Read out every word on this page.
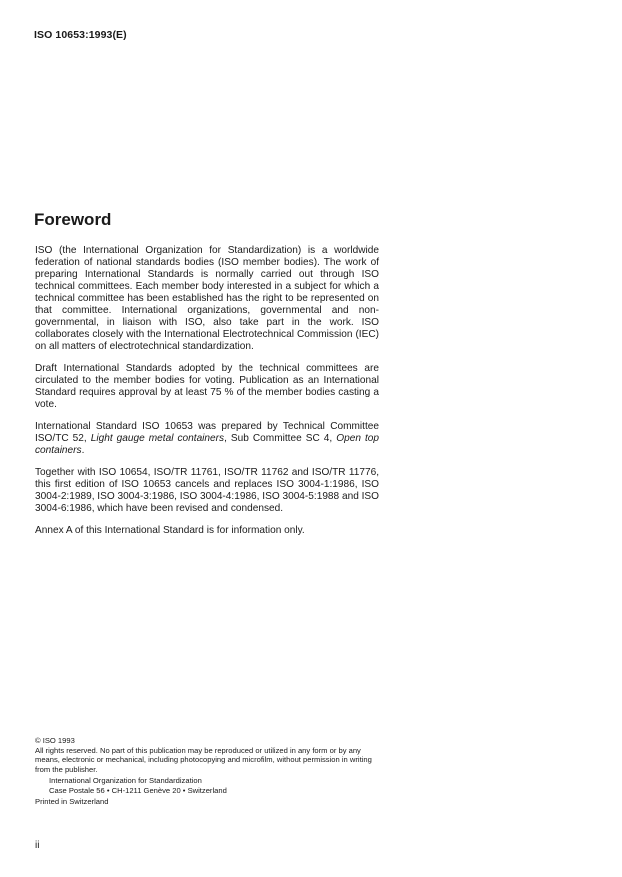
ISO 10653:1993(E)
Foreword

ISO (the International Organization for Standardization) is a worldwide federation of national standards bodies (ISO member bodies). The work of preparing International Standards is normally carried out through ISO technical committees. Each member body interested in a subject for which a technical committee has been established has the right to be represented on that committee. International organizations, governmental and non-governmental, in liaison with ISO, also take part in the work. ISO collaborates closely with the International Electrotechnical Commission (IEC) on all matters of electrotechnical standardization.

Draft International Standards adopted by the technical committees are circulated to the member bodies for voting. Publication as an International Standard requires approval by at least 75 % of the member bodies casting a vote.

International Standard ISO 10653 was prepared by Technical Committee ISO/TC 52, Light gauge metal containers, Sub Committee SC 4, Open top containers.

Together with ISO 10654, ISO/TR 11761, ISO/TR 11762 and ISO/TR 11776, this first edition of ISO 10653 cancels and replaces ISO 3004-1:1986, ISO 3004-2:1989, ISO 3004-3:1986, ISO 3004-4:1986, ISO 3004-5:1988 and ISO 3004-6:1986, which have been revised and condensed.

Annex A of this International Standard is for information only.

© ISO 1993

All rights reserved. No part of this publication may be reproduced or utilized in any form or by any means, electronic or mechanical, including photocopying and microfilm, without permission in writing from the publisher.

International Organization for Standardization

Case Postale 56 • CH-1211 Genève 20 • Switzerland

Printed in Switzerland

ii
